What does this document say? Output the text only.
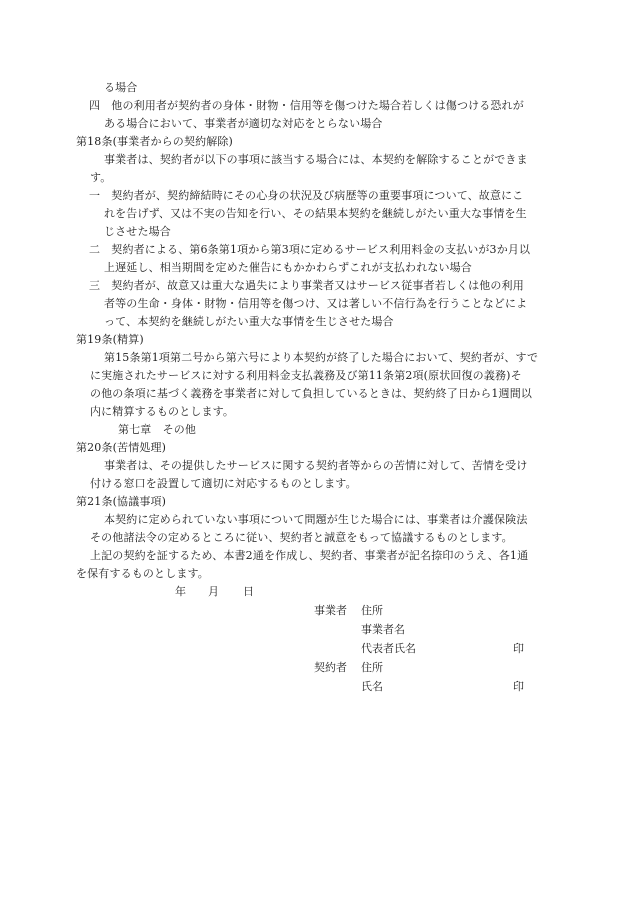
る場合
四　他の利用者が契約者の身体・財物・信用等を傷つけた場合若しくは傷つける恐れが
ある場合において、事業者が適切な対応をとらない場合
第18条(事業者からの契約解除)
事業者は、契約者が以下の事項に該当する場合には、本契約を解除することができま
す。
一　契約者が、契約締結時にその心身の状況及び病歴等の重要事項について、故意にこ
れを告げず、又は不実の告知を行い、その結果本契約を継続しがたい重大な事情を生
じさせた場合
二　契約者による、第6条第1項から第3項に定めるサービス利用料金の支払いが3か月以
上遅延し、相当期間を定めた催告にもかかわらずこれが支払われない場合
三　契約者が、故意又は重大な過失により事業者又はサービス従事者若しくは他の利用
者等の生命・身体・財物・信用等を傷つけ、又は著しい不信行為を行うことなどによ
って、本契約を継続しがたい重大な事情を生じさせた場合
第19条(精算)
第15条第1項第二号から第六号により本契約が終了した場合において、契約者が、すで
に実施されたサービスに対する利用料金支払義務及び第11条第2項(原状回復の義務)そ
の他の条項に基づく義務を事業者に対して負担しているときは、契約終了日から1週間以
内に精算するものとします。
第七章　その他
第20条(苦情処理)
事業者は、その提供したサービスに関する契約者等からの苦情に対して、苦情を受け
付ける窓口を設置して適切に対応するものとします。
第21条(協議事項)
本契約に定められていない事項について問題が生じた場合には、事業者は介護保険法
その他諸法令の定めるところに従い、契約者と誠意をもって協議するものとします。
上記の契約を証するため、本書2通を作成し、契約者、事業者が記名捺印のうえ、各1通
を保有するものとします。
年 月 日
事業者 住所
事業者名
代表者氏名	印
契約者 住所
氏名	印
